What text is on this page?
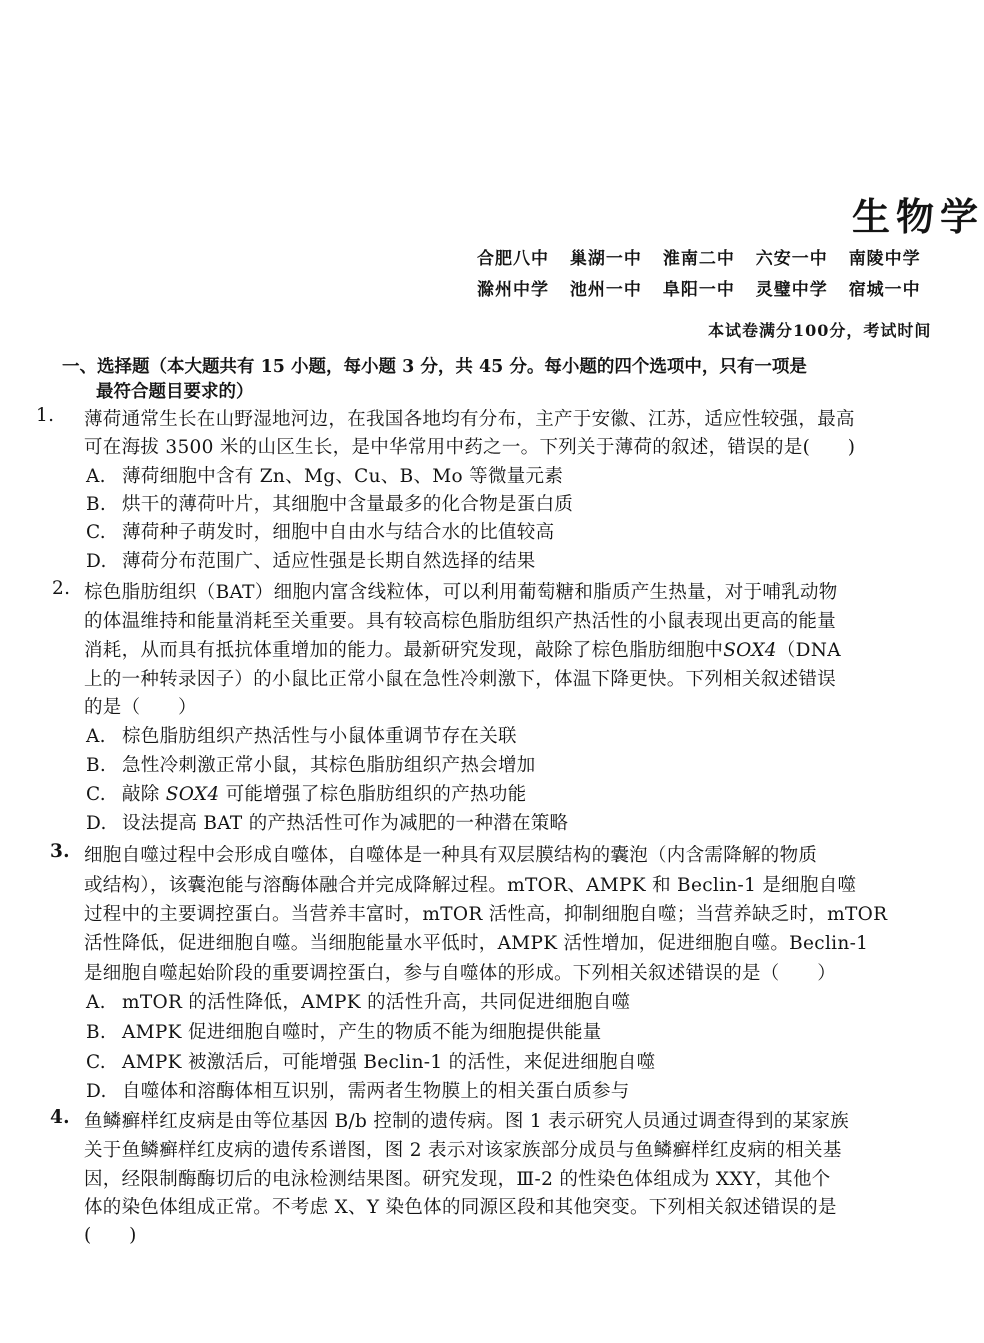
生物学
合肥八中 巢湖一中 淮南二中 六安一中 南陵中学
滁州中学 池州一中 阜阳一中 灵璧中学 宿城一中
本试卷满分100分，考试时间
一、选择题（本大题共有 15 小题，每小题 3 分，共 45 分。每小题的四个选项中，只有一项是
最符合题目要求的）
1. 薄荷通常生长在山野湿地河边，在我国各地均有分布，主产于安徽、江苏，适应性较强，最高
可在海拔 3500 米的山区生长，是中华常用中药之一。下列关于薄荷的叙述，错误的是(　　)
A. 薄荷细胞中含有 Zn、Mg、Cu、B、Mo 等微量元素
B. 烘干的薄荷叶片，其细胞中含量最多的化合物是蛋白质
C. 薄荷种子萌发时，细胞中自由水与结合水的比值较高
D. 薄荷分布范围广、适应性强是长期自然选择的结果
2. 棕色脂肪组织（BAT）细胞内富含线粒体，可以利用葡萄糖和脂质产生热量，对于哺乳动物
的体温维持和能量消耗至关重要。具有较高棕色脂肪组织产热活性的小鼠表现出更高的能量
消耗，从而具有抵抗体重增加的能力。最新研究发现，敲除了棕色脂肪细胞中SOX4（DNA
上的一种转录因子）的小鼠比正常小鼠在急性冷刺激下，体温下降更快。下列相关叙述错误
的是（　　）
A. 棕色脂肪组织产热活性与小鼠体重调节存在关联
B. 急性冷刺激正常小鼠，其棕色脂肪组织产热会增加
C. 敲除 SOX4 可能增强了棕色脂肪组织的产热功能
D. 设法提高 BAT 的产热活性可作为减肥的一种潜在策略
3. 细胞自噬过程中会形成自噬体，自噬体是一种具有双层膜结构的囊泡（内含需降解的物质
或结构），该囊泡能与溶酶体融合并完成降解过程。mTOR、AMPK 和 Beclin-1 是细胞自噬
过程中的主要调控蛋白。当营养丰富时，mTOR 活性高，抑制细胞自噬；当营养缺乏时，mTOR
活性降低，促进细胞自噬。当细胞能量水平低时，AMPK 活性增加，促进细胞自噬。Beclin-1
是细胞自噬起始阶段的重要调控蛋白，参与自噬体的形成。下列相关叙述错误的是（　　）
A. mTOR 的活性降低，AMPK 的活性升高，共同促进细胞自噬
B. AMPK 促进细胞自噬时，产生的物质不能为细胞提供能量
C. AMPK 被激活后，可能增强 Beclin-1 的活性，来促进细胞自噬
D. 自噬体和溶酶体相互识别，需两者生物膜上的相关蛋白质参与
4. 鱼鳞癣样红皮病是由等位基因 B/b 控制的遗传病。图 1 表示研究人员通过调查得到的某家族
关于鱼鳞癣样红皮病的遗传系谱图，图 2 表示对该家族部分成员与鱼鳞癣样红皮病的相关基
因，经限制酶酶切后的电泳检测结果图。研究发现，Ⅲ-2 的性染色体组成为 XXY，其他个
体的染色体组成正常。不考虑 X、Y 染色体的同源区段和其他突变。下列相关叙述错误的是
(　　)
